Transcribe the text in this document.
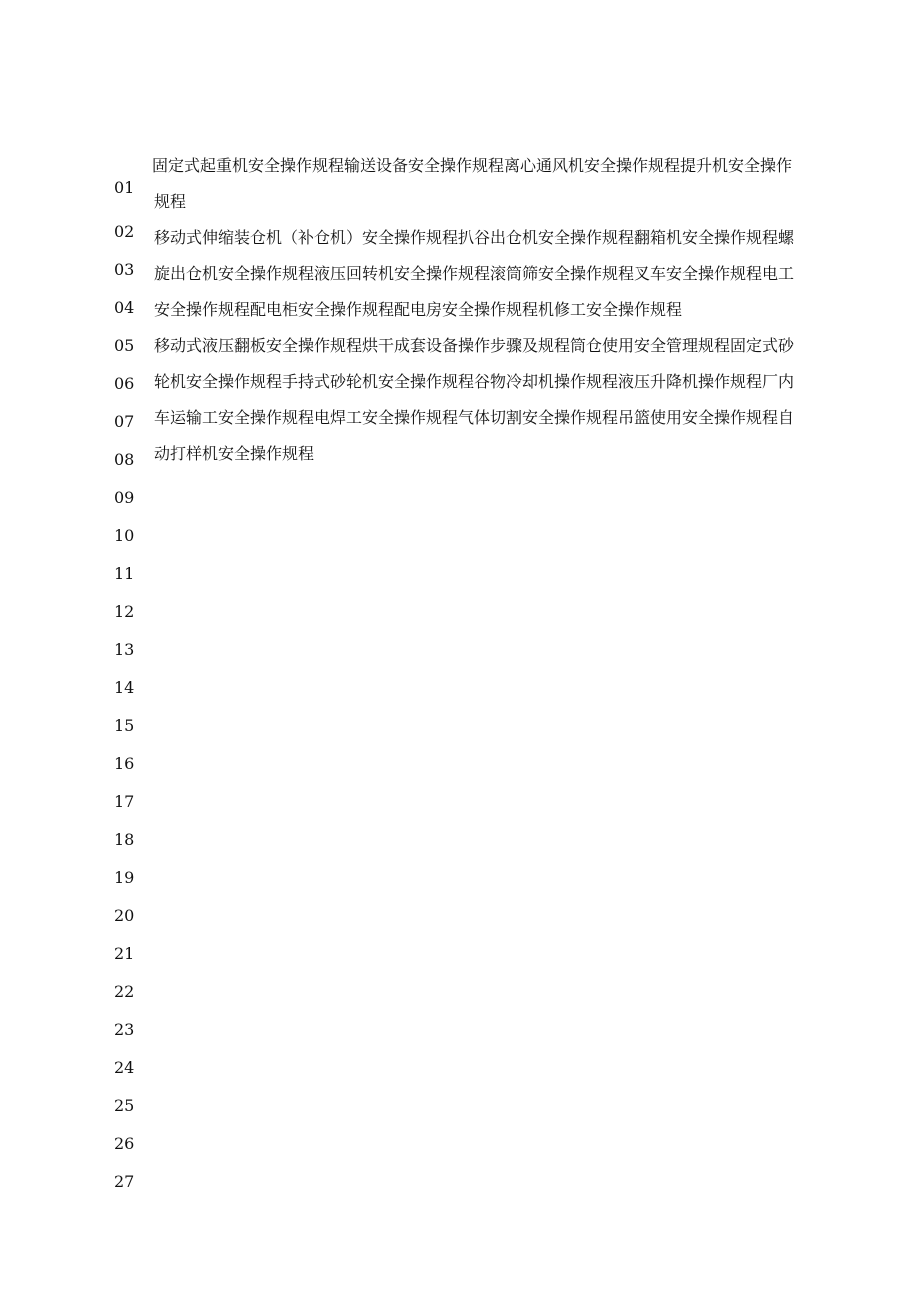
01
02
03
04
05
06
07
08
09
10
11
12
13
14
15
16
17
18
19
20
21
22
23
24
25
26
27
固定式起重机安全操作规程输送设备安全操作规程离心通风机安全操作规程提升机安全操作
规程
移动式伸缩装仓机（补仓机）安全操作规程扒谷出仓机安全操作规程翻箱机安全操作规程螺
旋出仓机安全操作规程液压回转机安全操作规程滚筒筛安全操作规程叉车安全操作规程电工
安全操作规程配电柜安全操作规程配电房安全操作规程机修工安全操作规程
移动式液压翻板安全操作规程烘干成套设备操作步骤及规程筒仓使用安全管理规程固定式砂
轮机安全操作规程手持式砂轮机安全操作规程谷物冷却机操作规程液压升降机操作规程厂内
车运输工安全操作规程电焊工安全操作规程气体切割安全操作规程吊篮使用安全操作规程自
动打样机安全操作规程
